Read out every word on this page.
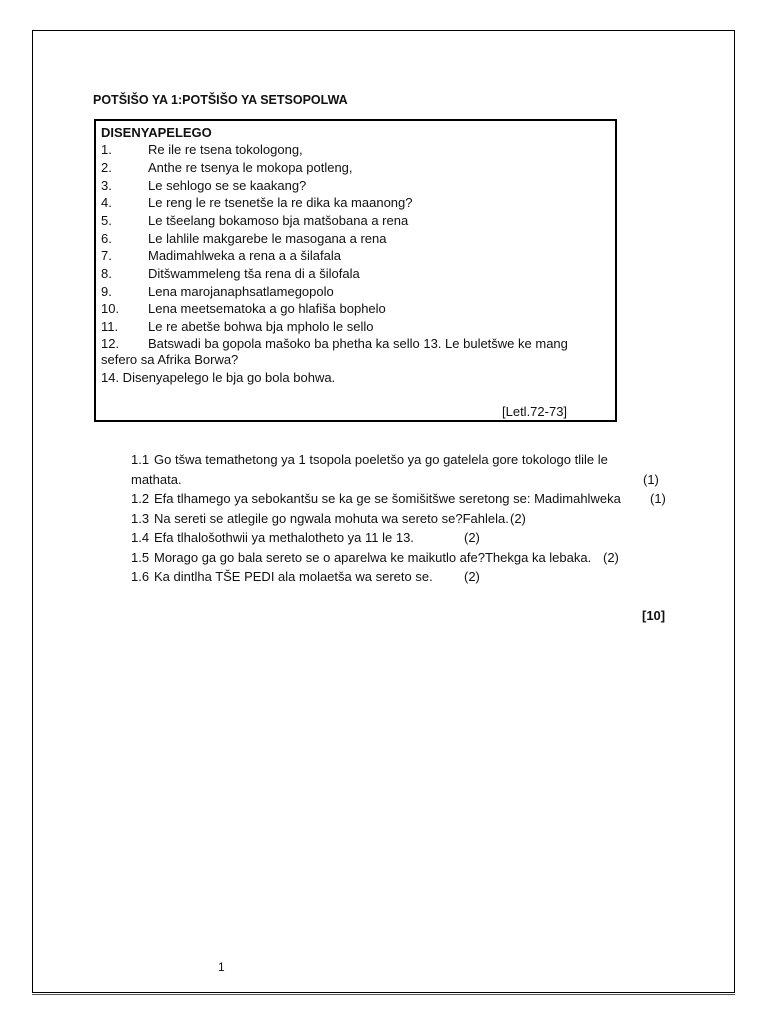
POTŠIŠO YA 1:POTŠIŠO YA SETSOPOLWA
DISENYAPELEGO
1.	Re ile re tsena tokologong,
2.	Anthe re tsenya le mokopa potleng,
3.	Le sehlogo se se kaakang?
4.	Le reng le re tsenetše la re dika ka maanong?
5.	Le tšeelang bokamoso bja matšobana a rena
6.	Le lahlile makgarebe le masogana a rena
7.	Madimahlweka a rena a a šilafala
8.	Ditšwammeleng tša rena di a šilofala
9.	Lena marojanaphsatlamegopolo
10. Lena meetsematoka a go hlafiša bophelo
11. Le re abetše bohwa bja mpholo le sello
12. Batswadi ba gopola mašoko ba phetha ka sello 13. Le buletšwe ke mang sefero sa Afrika Borwa?
14. Disenyapelego le bja go bola bohwa.
[Letl.72-73]
1.1 Go tšwa temathetong ya 1 tsopola poeletšo ya go gatelela gore tokologo tlile le
mathata.	(1)
1.2 Efa tlhamego ya sebokantšu se ka ge se šomišitšwe seretong se: Madimahlweka (1)
1.3 Na sereti se atlegile go ngwala mohuta wa sereto se?Fahlela. (2)
1.4 Efa tlhalošothwii ya methalotheto ya 11 le 13.	(2)
1.5 Morago ga go bala sereto se o aparelwa ke maikutlo afe?Thekga ka lebaka. (2)
1.6 Ka dintlha TŠE PEDI ala molaetša wa sereto se. (2)
[10]
1
